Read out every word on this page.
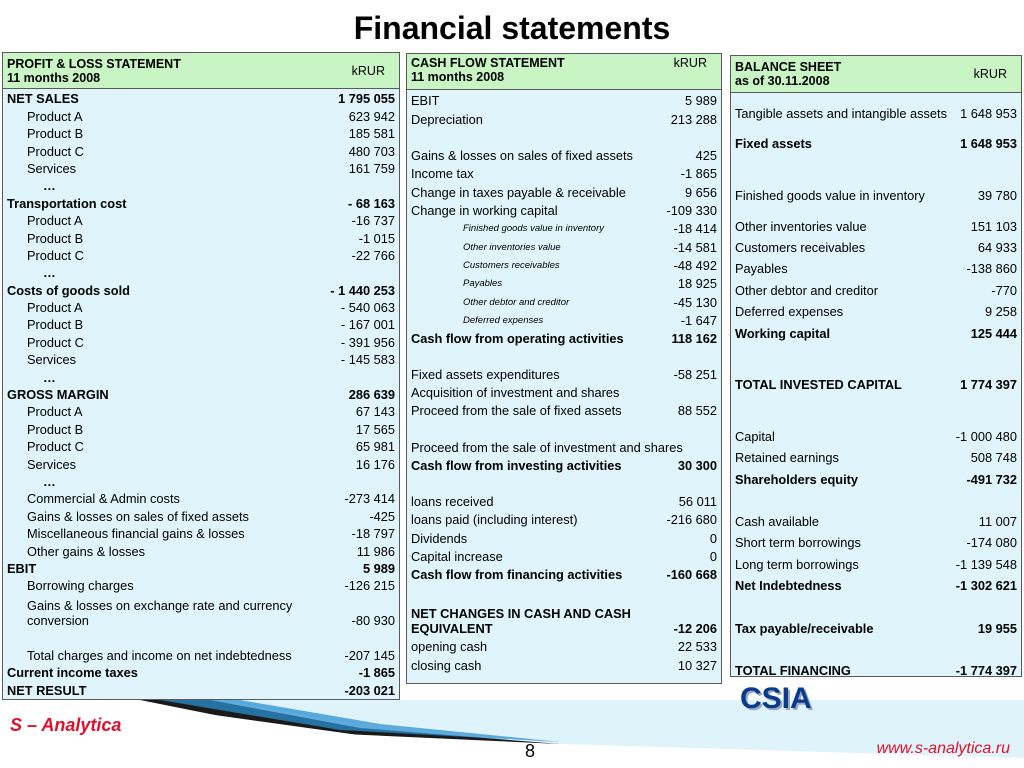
Financial statements
PROFIT & LOSS STATEMENT
11 months 2008	kRUR
NET SALES	1 795 055
Product A	623 942
Product B	185 581
Product C	480 703
Services	161 759
…
Transportation cost	- 68 163
Product A	-16 737
Product B	-1 015
Product C	-22 766
…
Costs of goods sold	- 1 440 253
Product A	- 540 063
Product B	- 167 001
Product C	- 391 956
Services	- 145 583
…
GROSS MARGIN	286 639
Product A	67 143
Product B	17 565
Product C	65 981
Services	16 176
…
Commercial & Admin costs	-273 414
Gains & losses on sales of fixed assets	-425
Miscellaneous financial gains & losses	-18 797
Other gains & losses	11 986
EBIT	5 989
Borrowing charges	-126 215
Gains & losses on exchange rate and currency conversion	-80 930
Total charges and income on net indebtedness	-207 145
Current income taxes	-1 865
NET RESULT	-203 021
CASH FLOW STATEMENT
11 months 2008
kRUR
EBIT	5 989
Depreciation	213 288
Gains & losses on sales of fixed assets	425
Income tax	-1 865
Change in taxes payable & receivable	9 656
Change in working capital	-109 330
Finished goods value in inventory	-18 414
Other inventories value	-14 581
Customers receivables	-48 492
Payables	18 925
Other debtor and creditor	-45 130
Deferred expenses	-1 647
Cash flow from operating activities	118 162
Fixed assets expenditures	-58 251
Acquisition of investment and shares
Proceed from the sale of fixed assets	88 552
Proceed from the sale of investment and shares
Cash flow from investing activities	30 300
loans received	56 011
loans paid (including interest)	-216 680
Dividends	0
Capital increase	0
Cash flow from financing activities	-160 668
NET CHANGES IN CASH AND CASH EQUIVALENT	-12 206
opening cash	22 533
closing cash	10 327
BALANCE SHEET
as of 30.11.2008	kRUR
Tangible assets and intangible assets	1 648 953
Fixed assets	1 648 953
Finished goods value in inventory	39 780
Other inventories value	151 103
Customers receivables	64 933
Payables	-138 860
Other debtor and creditor	-770
Deferred expenses	9 258
Working capital	125 444
TOTAL INVESTED CAPITAL	1 774 397
Capital	-1 000 480
Retained earnings	508 748
Shareholders equity	-491 732
Cash available	11 007
Short term borrowings	-174 080
Long term borrowings	-1 139 548
Net Indebtedness	-1 302 621
Tax payable/receivable	19 955
TOTAL FINANCING	-1 774 397
CSIA
S – Analytica
8	www.s-analytica.ru
